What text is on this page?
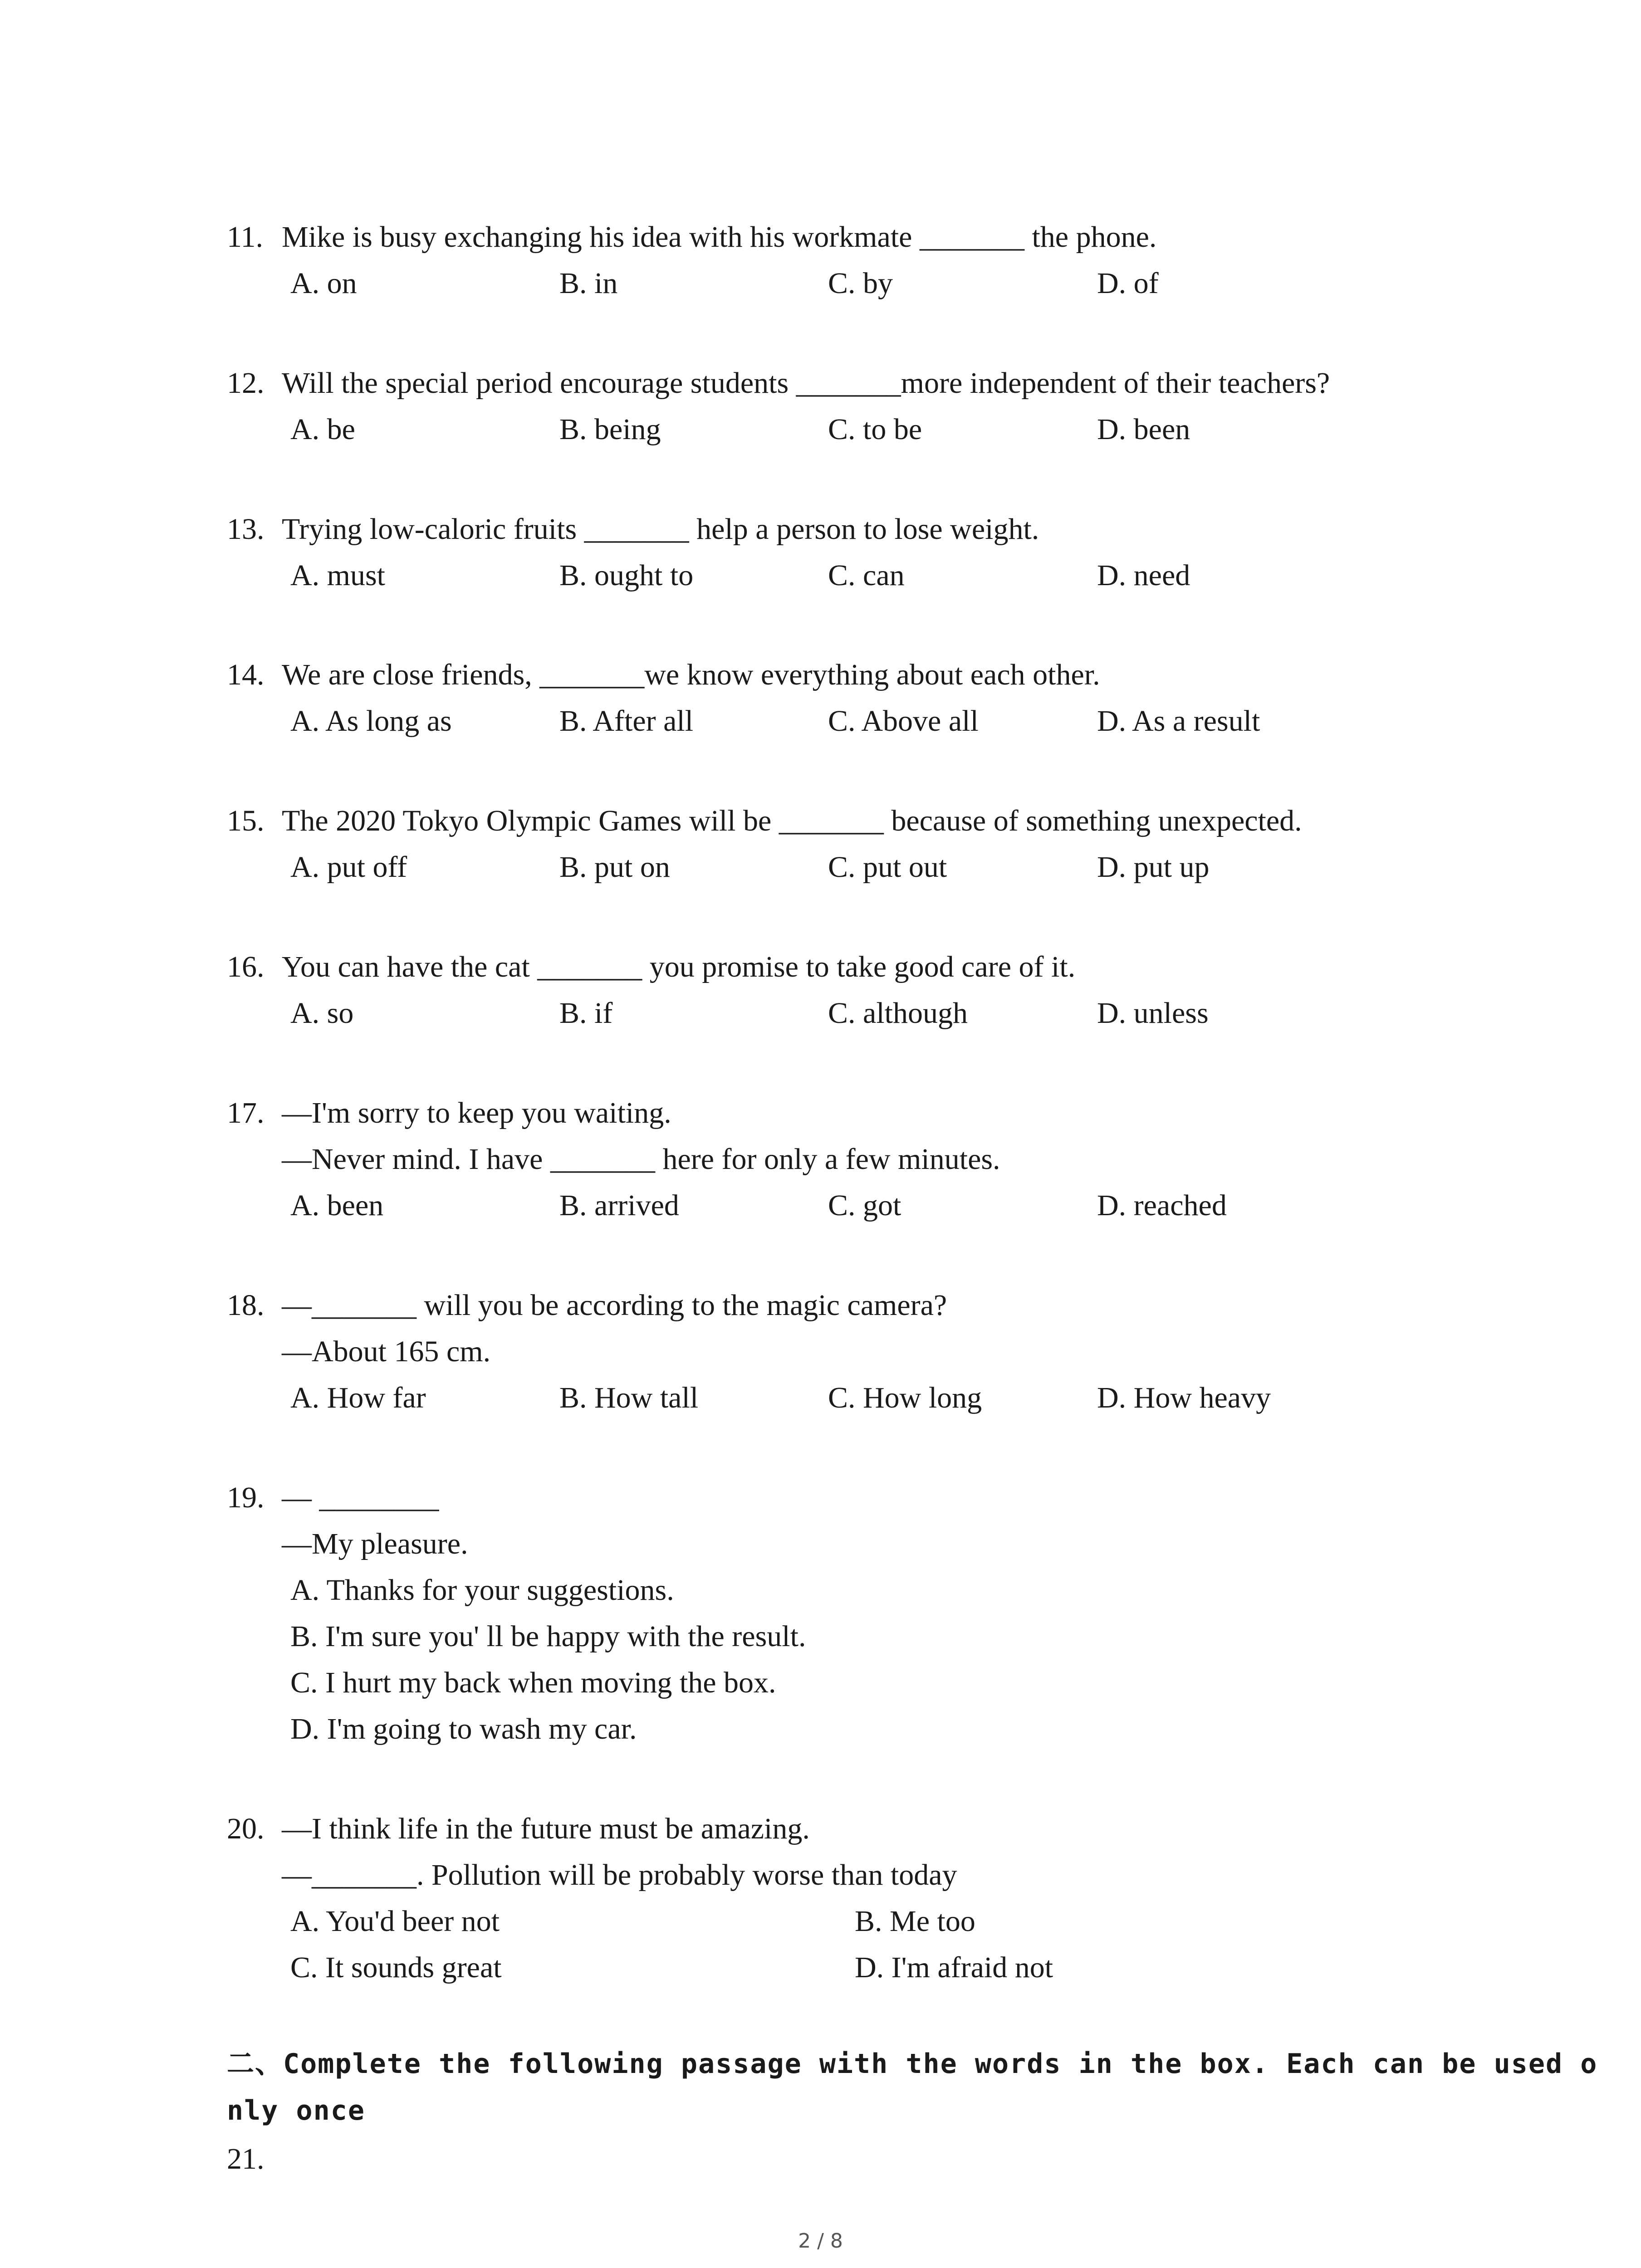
11. Mike is busy exchanging his idea with his workmate _______ the phone.
A. on	B. in	C. by	D. of
12. Will the special period encourage students _______more independent of their teachers?
A. be	B. being	C. to be	D. been
13. Trying low-caloric fruits _______ help a person to lose weight.
A. must	B. ought to	C. can	D. need
14. We are close friends, _______we know everything about each other.
A. As long as	B. After all	C. Above all	D. As a result
15. The 2020 Tokyo Olympic Games will be _______ because of something unexpected.
A. put off	B. put on	C. put out	D. put up
16. You can have the cat _______ you promise to take good care of it.
A. so	B. if	C. although	D. unless
17. —I'm sorry to keep you waiting.
—Never mind. I have _______ here for only a few minutes.
A. been	B. arrived	C. got	D. reached
18. —_______ will you be according to the magic camera?
—About 165 cm.
A. How far	B. How tall	C. How long	D. How heavy
19. — ________
—My pleasure.
A. Thanks for your suggestions.
B. I'm sure you' ll be happy with the result.
C. I hurt my back when moving the box.
D. I'm going to wash my car.
20. —I think life in the future must be amazing.
—_______. Pollution will be probably worse than today
A. You'd beer not	B. Me too
C. It sounds great	D. I'm afraid not
二、Complete the following passage with the words in the box. Each can be used o
nly once
21.
2 / 8
